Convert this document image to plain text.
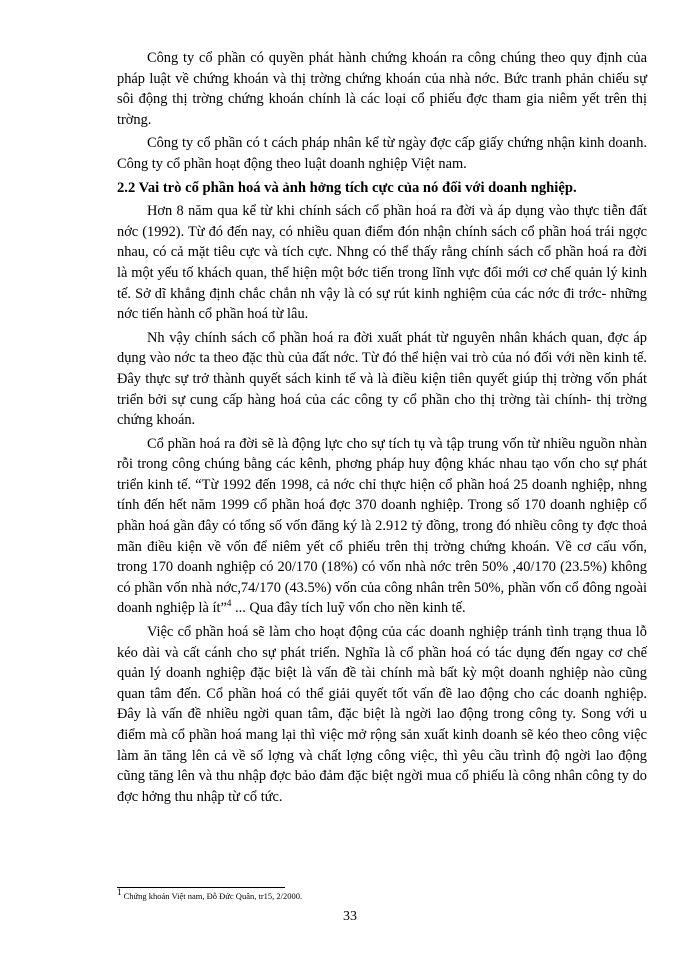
Công ty cổ phần có quyền phát hành chứng khoán ra công chúng theo quy định của pháp luật về chứng khoán và thị trờng chứng khoán của nhà nớc. Bức tranh phản chiếu sự sôi động thị trờng chứng khoán chính là các loại cổ phiếu đợc tham gia niêm yết trên thị trờng.

Công ty cổ phần có t cách pháp nhân kể từ ngày đợc cấp giấy chứng nhận kinh doanh. Công ty cổ phần hoạt động theo luật doanh nghiệp Việt nam.

2.2 Vai trò cổ phần hoá và ảnh hởng tích cực của nó đối với doanh nghiệp.

Hơn 8 năm qua kể từ khi chính sách cổ phần hoá ra đời và áp dụng vào thực tiễn đất nớc (1992). Từ đó đến nay, có nhiều quan điểm đón nhận chính sách cổ phần hoá trái ngợc nhau, có cả mặt tiêu cực và tích cực. Nhng có thể thấy rằng chính sách cổ phần hoá ra đời là một yếu tố khách quan, thể hiện một bớc tiến trong lĩnh vực đổi mới cơ chế quản lý kinh tế. Sở dĩ khẳng định chắc chắn nh vậy là có sự rút kinh nghiệm của các nớc đi trớc- những nớc tiến hành cổ phần hoá từ lâu.

Nh vậy chính sách cổ phần hoá ra đời xuất phát từ nguyên nhân khách quan, đợc áp dụng vào nớc ta theo đặc thù của đất nớc. Từ đó thể hiện vai trò của nó đối với nền kinh tế. Đây thực sự trở thành quyết sách kinh tế và là điều kiện tiên quyết giúp thị trờng vốn phát triển bởi sự cung cấp hàng hoá của các công ty cổ phần cho thị trờng tài chính- thị trờng chứng khoán.

Cổ phần hoá ra đời sẽ là động lực cho sự tích tụ và tập trung vốn từ nhiều nguồn nhàn rỗi trong công chúng bằng các kênh, phơng pháp huy động khác nhau tạo vốn cho sự phát triển kinh tế. “Từ 1992 đến 1998, cả nớc chỉ thực hiện cổ phần hoá 25 doanh nghiệp, nhng tính đến hết năm 1999 cổ phần hoá đợc 370 doanh nghiệp. Trong số 170 doanh nghiệp cổ phần hoá gần đây có tổng số vốn đăng ký là 2.912 tỷ đồng, trong đó nhiều công ty đợc thoả mãn điều kiện về vốn để niêm yết cổ phiếu trên thị trờng chứng khoán. Về cơ cấu vốn, trong 170 doanh nghiệp có 20/170 (18%) có vốn nhà nớc trên 50% ,40/170 (23.5%) không có phần vốn nhà nớc,74/170 (43.5%) vốn của công nhân trên 50%, phần vốn cổ đông ngoài doanh nghiệp là ít”$^4$ ... Qua đây tích luỹ vốn cho nền kinh tế.

Việc cổ phần hoá sẽ làm cho hoạt động của các doanh nghiệp tránh tình trạng thua lỗ kéo dài và cất cánh cho sự phát triển. Nghĩa là cổ phần hoá có tác dụng đến ngay cơ chế quản lý doanh nghiệp đặc biệt là vấn đề tài chính mà bất kỳ một doanh nghiệp nào cũng quan tâm đến. Cổ phần hoá có thể giải quyết tốt vấn đề lao động cho các doanh nghiệp. Đây là vấn đề nhiều ngời quan tâm, đặc biệt là ngời lao động trong công ty. Song với u điểm mà cổ phần hoá mang lại thì việc mở rộng sản xuất kinh doanh sẽ kéo theo công việc làm ăn tăng lên cả về số lợng và chất lợng công việc, thì yêu cầu trình độ ngời lao động cũng tăng lên và thu nhập đợc bảo đảm đặc biệt ngời mua cổ phiếu là công nhân công ty do đợc hởng thu nhập từ cổ tức.

1 Chứng khoán Việt nam, Đỗ Đức Quân, tr15, 2/2000.
33
